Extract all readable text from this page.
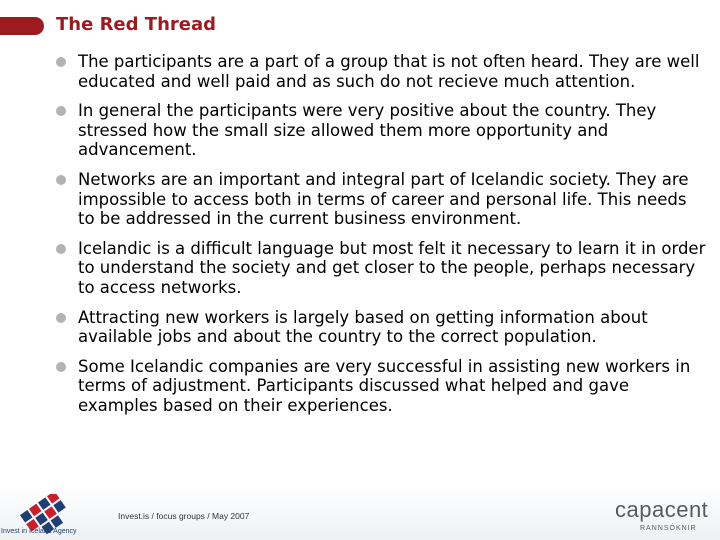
The Red Thread
The participants are a part of a group that is not often heard. They are well educated and well paid and as such do not recieve much attention.
In general the participants were very positive about the country. They stressed how the small size allowed them more opportunity and advancement.
Networks are an important and integral part of Icelandic society. They are impossible to access both in terms of career and personal life. This needs to be addressed in the current business environment.
Icelandic is a difficult language but most felt it necessary to learn it in order to understand the society and get closer to the people, perhaps necessary to access networks.
Attracting new workers is largely based on getting information about available jobs and about the country to the correct population.
Some Icelandic companies are very successful in assisting new workers in terms of adjustment. Participants discussed what helped and gave examples based on their experiences.
Invest in Iceland Agency
Invest.is / focus groups / May 2007	capacent
RANNSÓKNIR
